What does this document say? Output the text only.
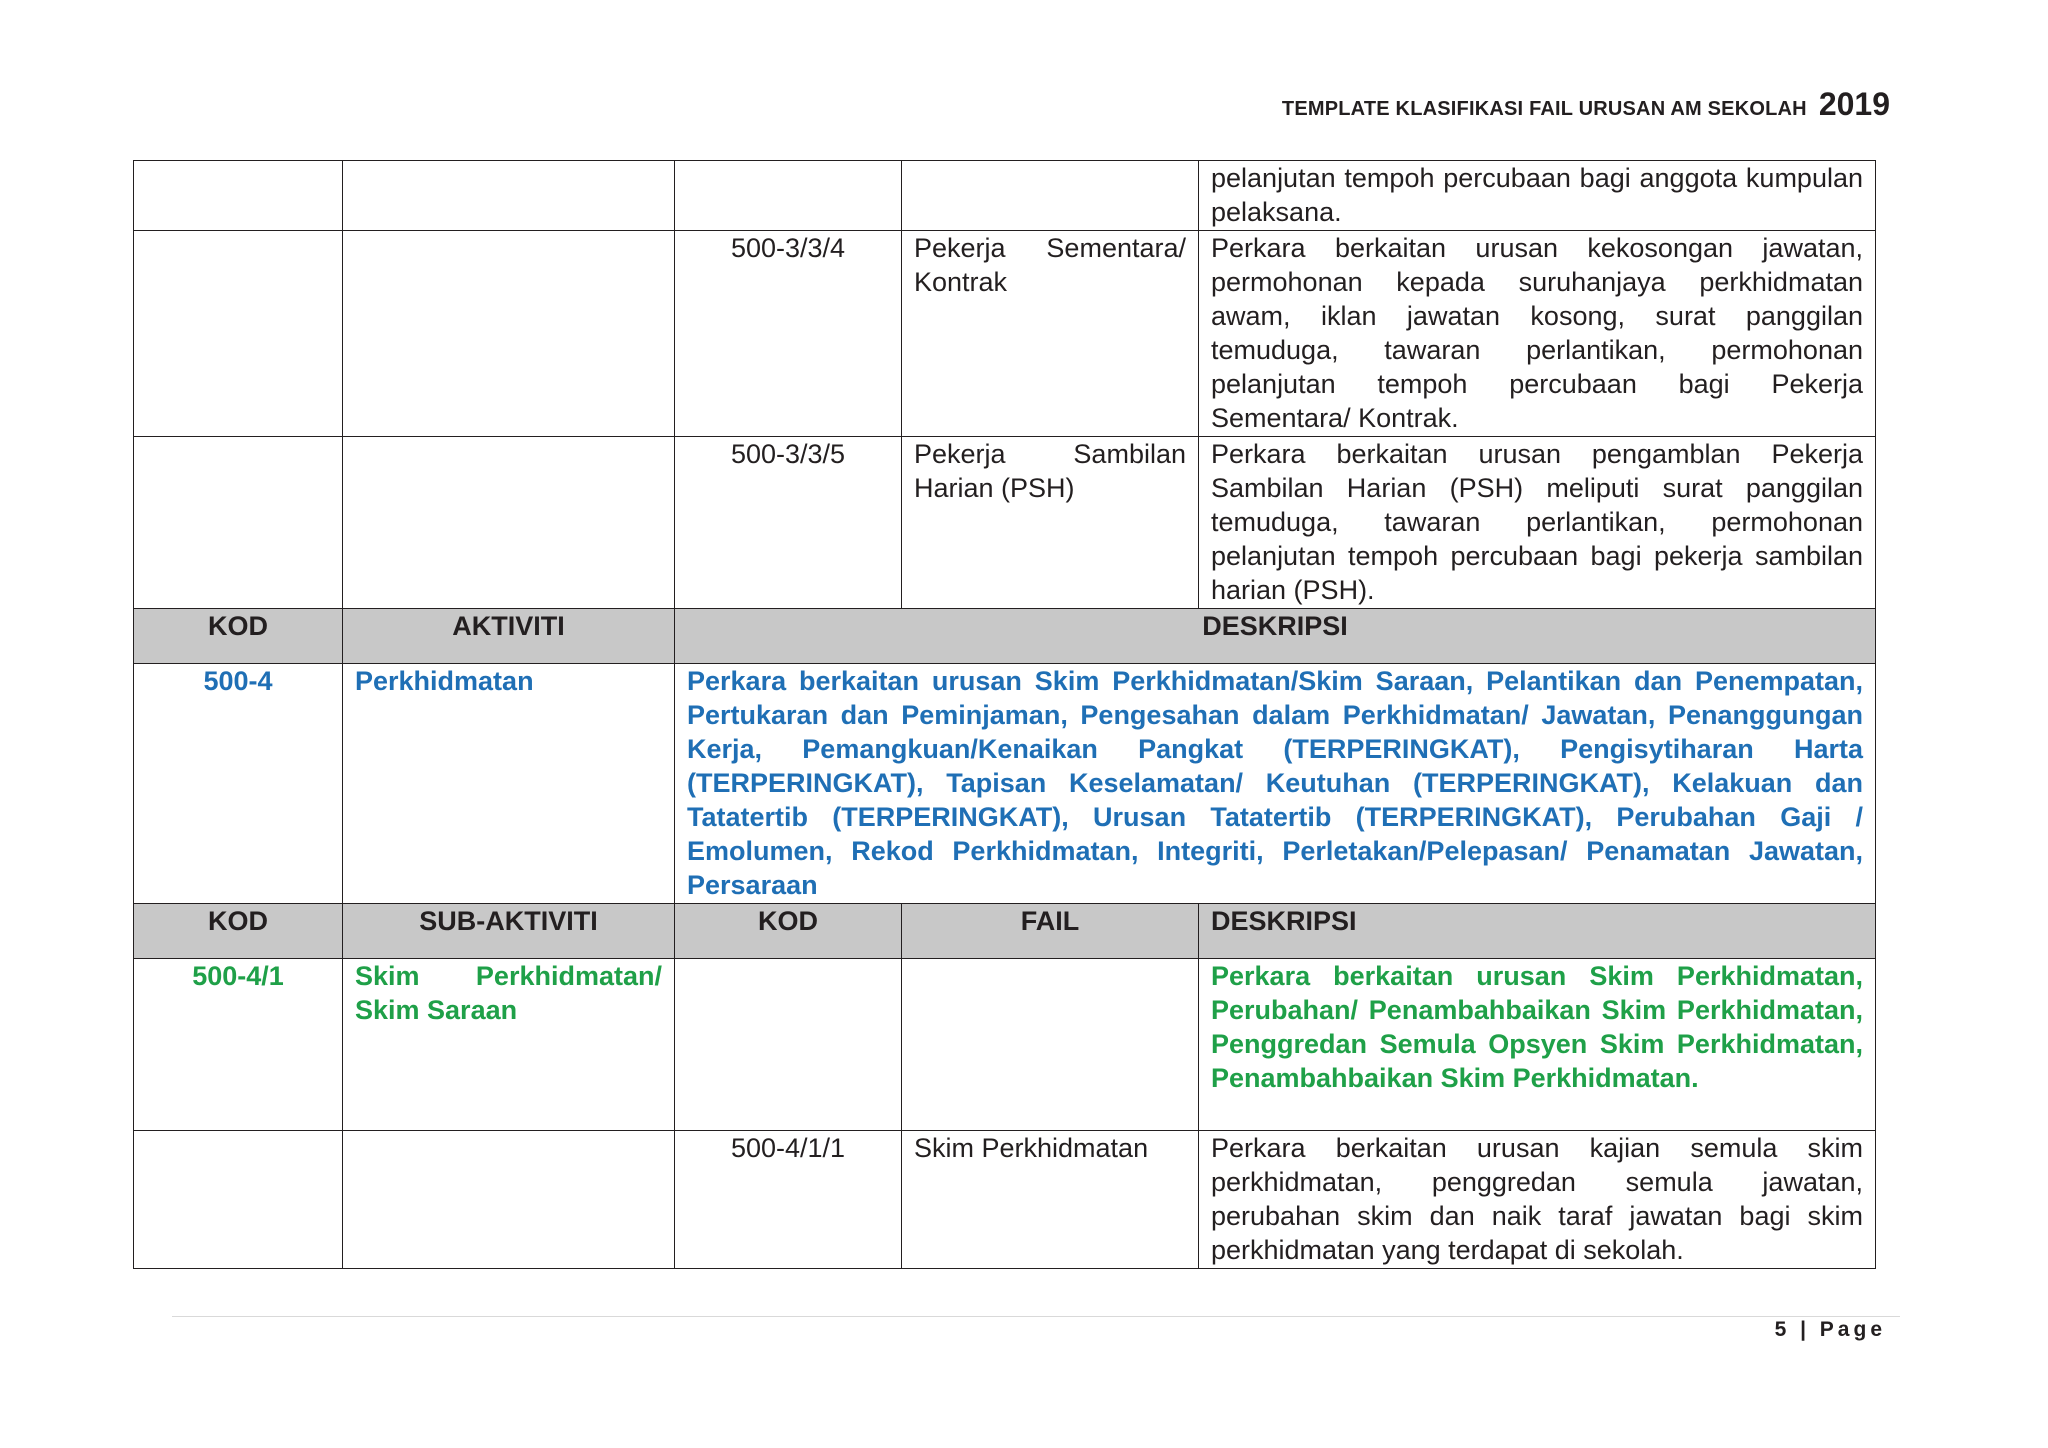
TEMPLATE KLASIFIKASI FAIL URUSAN AM SEKOLAH 2019
				pelanjutan tempoh percubaan bagi anggota kumpulan pelaksana.
		500-3/3/4	Pekerja Sementara/ Kontrak	Perkara berkaitan urusan kekosongan jawatan, permohonan kepada suruhanjaya perkhidmatan awam, iklan jawatan kosong, surat panggilan temuduga, tawaran perlantikan, permohonan pelanjutan tempoh percubaan bagi Pekerja Sementara/ Kontrak.
		500-3/3/5	Pekerja Sambilan Harian (PSH)	Perkara berkaitan urusan pengamblan Pekerja Sambilan Harian (PSH) meliputi surat panggilan temuduga, tawaran perlantikan, permohonan pelanjutan tempoh percubaan bagi pekerja sambilan harian (PSH).
KOD	AKTIVITI	DESKRIPSI		
500-4	Perkhidmatan	Perkara berkaitan urusan Skim Perkhidmatan/Skim Saraan, Pelantikan dan Penempatan, Pertukaran dan Peminjaman, Pengesahan dalam Perkhidmatan/ Jawatan, Penanggungan Kerja, Pemangkuan/Kenaikan Pangkat (TERPERINGKAT), Pengisytiharan Harta (TERPERINGKAT), Tapisan Keselamatan/ Keutuhan (TERPERINGKAT), Kelakuan dan Tatatertib (TERPERINGKAT), Urusan Tatatertib (TERPERINGKAT), Perubahan Gaji / Emolumen, Rekod Perkhidmatan, Integriti, Perletakan/Pelepasan/ Penamatan Jawatan, Persaraan		
KOD	SUB-AKTIVITI	KOD	FAIL	DESKRIPSI
500-4/1	Skim Perkhidmatan/ Skim Saraan			Perkara berkaitan urusan Skim Perkhidmatan, Perubahan/ Penambahbaikan Skim Perkhidmatan, Penggredan Semula Opsyen Skim Perkhidmatan, Penambahbaikan Skim Perkhidmatan.
		500-4/1/1	Skim Perkhidmatan	Perkara berkaitan urusan kajian semula skim perkhidmatan, penggredan semula jawatan, perubahan skim dan naik taraf jawatan bagi skim perkhidmatan yang terdapat di sekolah.
5 | Page
